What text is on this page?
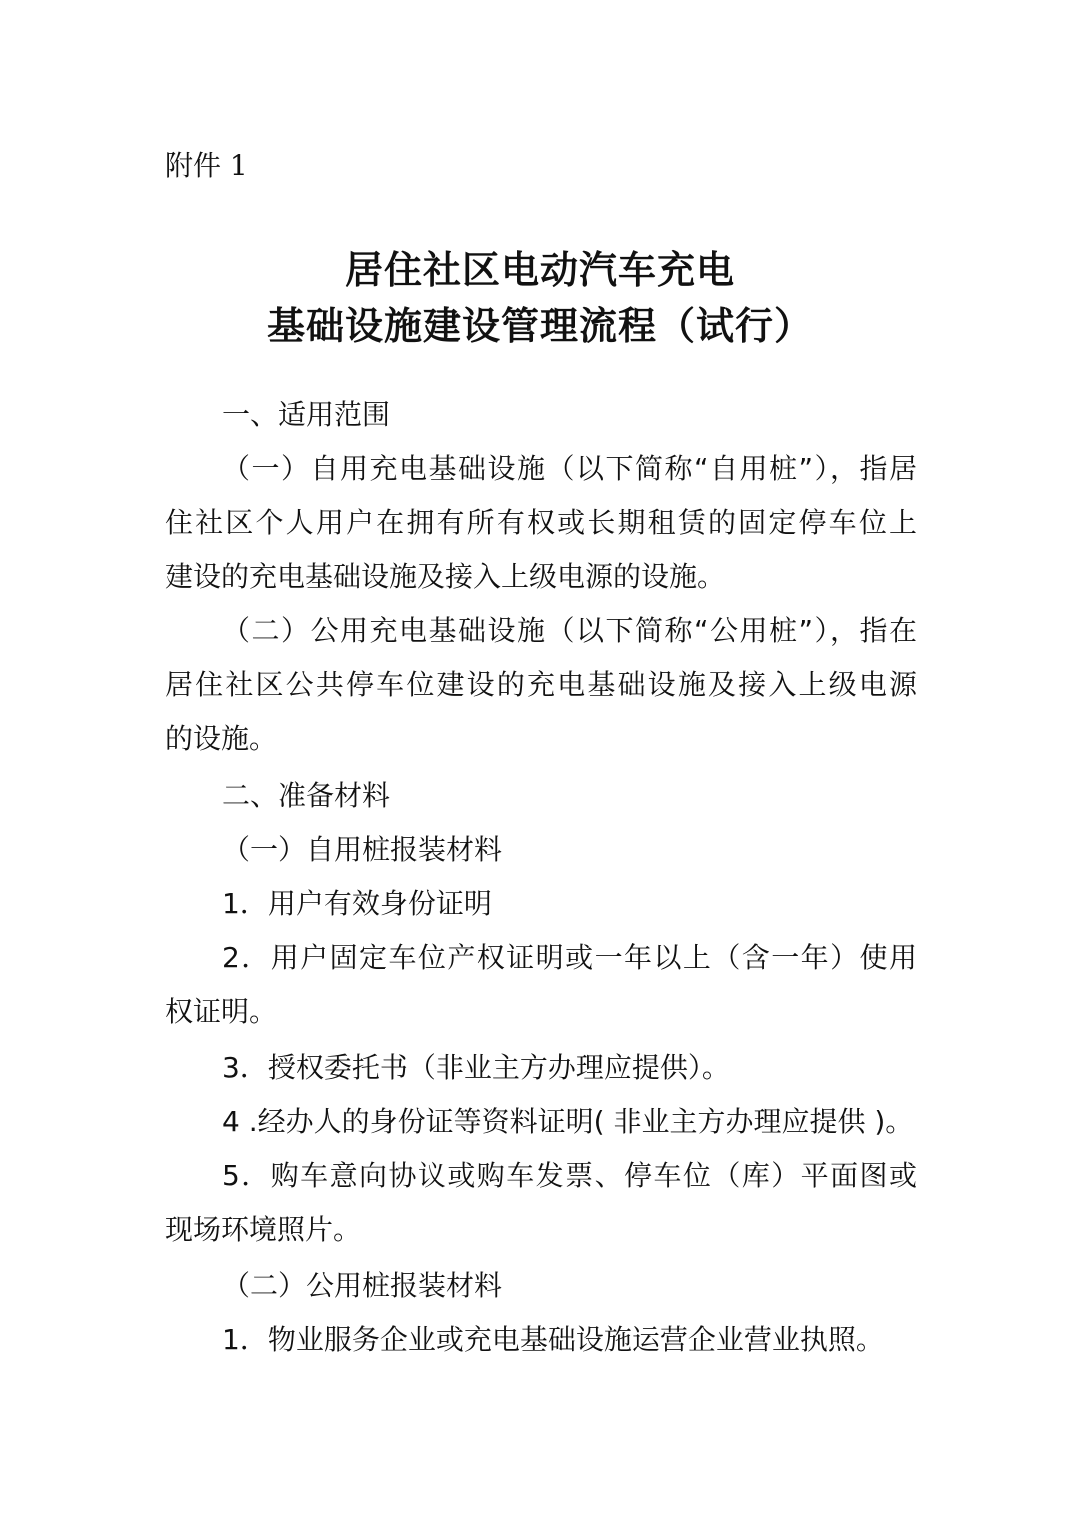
附件 1
居住社区电动汽车充电
基础设施建设管理流程（试行）
一、适用范围
（一）自用充电基础设施（以下简称“自用桩”），指居
住社区个人用户在拥有所有权或长期租赁的固定停车位上
建设的充电基础设施及接入上级电源的设施。
（二）公用充电基础设施（以下简称“公用桩”），指在
居住社区公共停车位建设的充电基础设施及接入上级电源
的设施。
二、准备材料
（一）自用桩报装材料
1．用户有效身份证明
2．用户固定车位产权证明或一年以上（含一年）使用
权证明。
3．授权委托书（非业主方办理应提供）。
4 .经办人的身份证等资料证明( 非业主方办理应提供 )。
5．购车意向协议或购车发票、停车位（库）平面图或
现场环境照片。
（二）公用桩报装材料
1．物业服务企业或充电基础设施运营企业营业执照。
